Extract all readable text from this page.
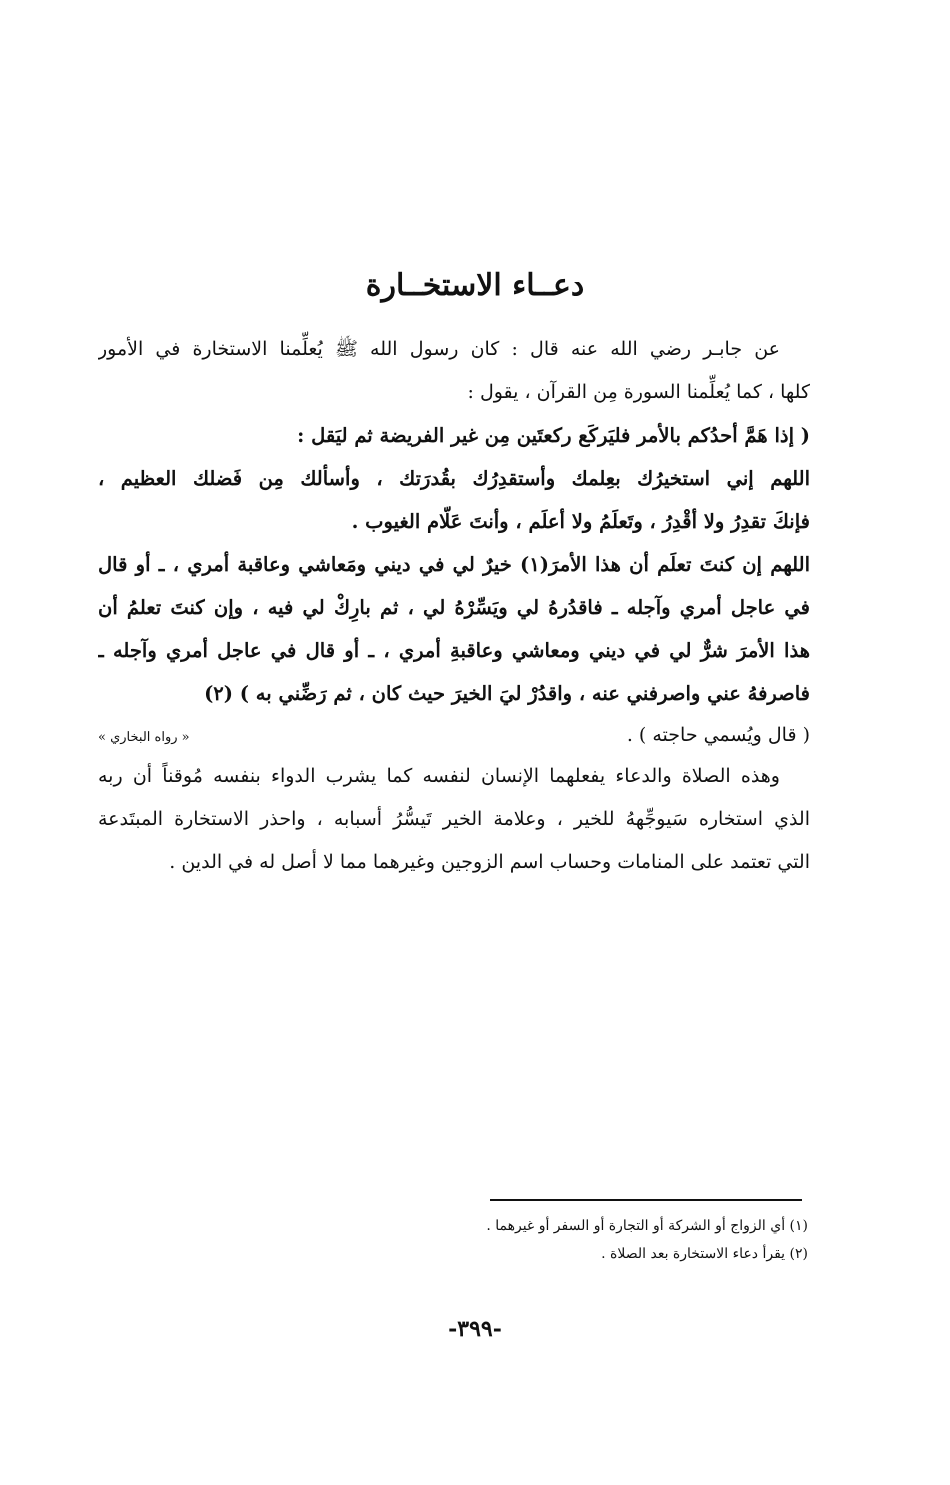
دعــاء الاستخــارة
عن جابـر رضي الله عنه قال : كان رسول الله ﷺ يُعلِّمنا الاستخارة في الأمور
كلها ، كما يُعلِّمنا السورة مِن القرآن ، يقول :
( إذا هَمَّ أحدُكم بالأمر فليَركَع ركعتَين مِن غير الفريضة ثم ليَقل :
اللهم إني استخيرُك بعِلمك وأستقدِرُك بقُدرَتك ، وأسألك مِن فَضلك العظيم ،
فإنكَ تقدِرُ ولا أقْدِرُ ، وتَعلَمُ ولا أعلَم ، وأنتَ عَلّام الغيوب .
اللهم إن كنتَ تعلَم أن هذا الأمرَ(١) خيرٌ لي في ديني ومَعاشي وعاقبة أمري ، ـ أو قال
في عاجل أمري وآجله ـ فاقدُرهُ لي ويَسِّرْهُ لي ، ثم بارِكْ لي فيه ، وإن كنتَ تعلمُ أن
هذا الأمرَ شرٌّ لي في ديني ومعاشي وعاقبةِ أمري ، ـ أو قال في عاجل أمري وآجله ـ
فاصرفهُ عني واصرفني عنه ، واقدُرْ ليَ الخيرَ حيث كان ، ثم رَضِّني به ) (٢)
( قال ويُسمي حاجته ) .
« رواه البخاري »
وهذه الصلاة والدعاء يفعلهما الإنسان لنفسه كما يشرب الدواء بنفسه مُوقناً أن ربه
الذي استخاره سَيوجِّههُ للخير ، وعلامة الخير تَيسُّرُ أسبابه ، واحذر الاستخارة المبتَدعة
التي تعتمد على المنامات وحساب اسم الزوجين وغيرهما مما لا أصل له في الدين .
(١) أي الزواج أو الشركة أو التجارة أو السفر أو غيرهما .
(٢) يقرأ دعاء الاستخارة بعد الصلاة .
-٣٩٩-
